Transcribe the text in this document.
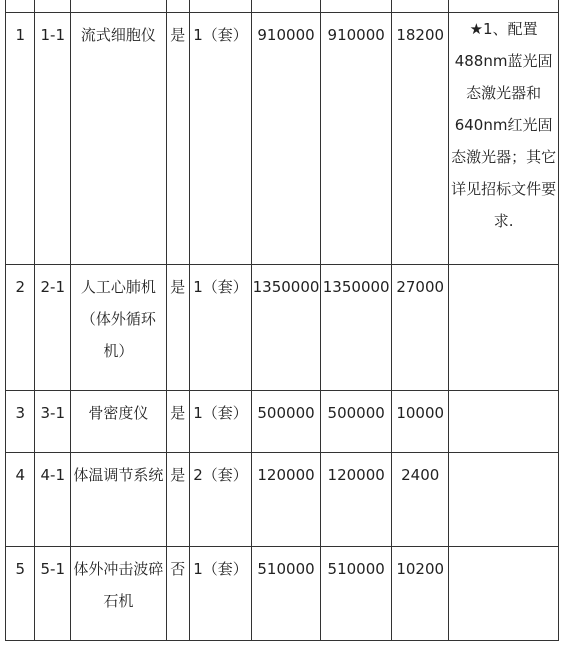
1	1-1	流式细胞仪	是	1（套）	910000	910000	18200	★1、配置488nm蓝光固态激光器和640nm红光固态激光器；其它详见招标文件要求.

2	2-1	人工心肺机（体外循环机）	是	1（套）	1350000	1350000	27000	

3	3-1	骨密度仪	是	1（套）	500000	500000	10000	

4	4-1	体温调节系统	是	2（套）	120000	120000	2400	

5	5-1	体外冲击波碎石机	否	1（套）	510000	510000	10200	
